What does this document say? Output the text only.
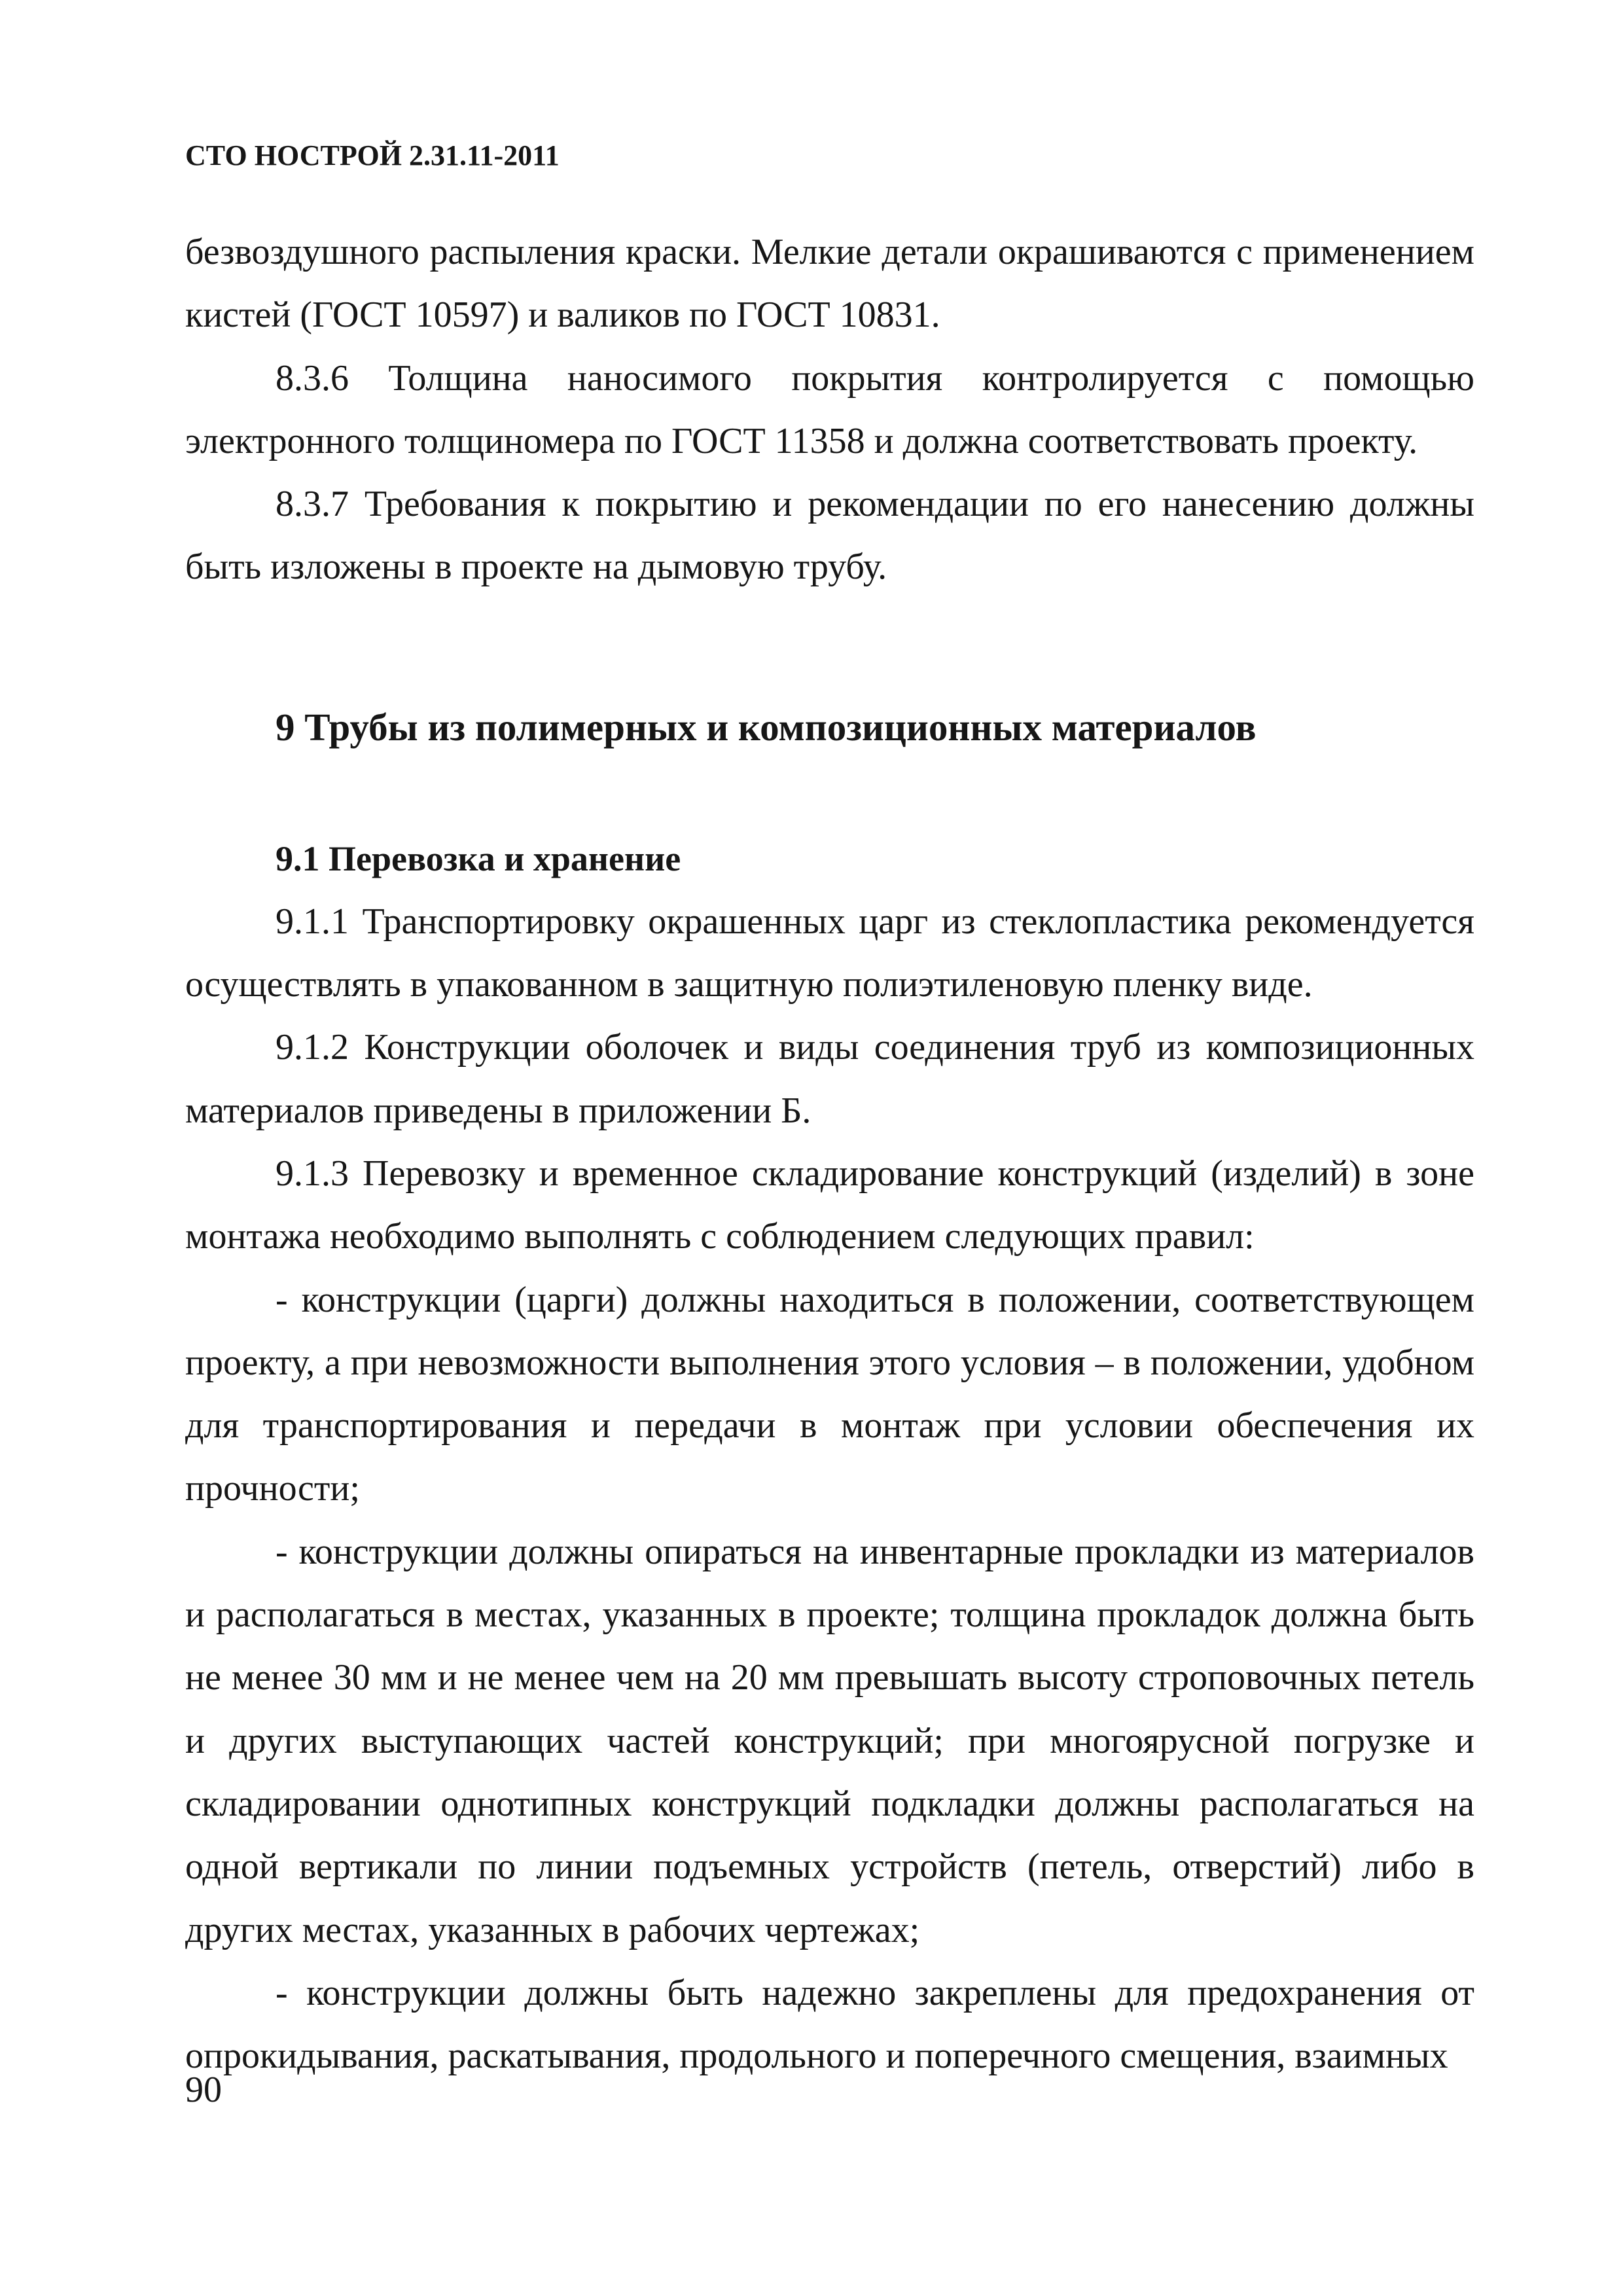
СТО НОСТРОЙ 2.31.11-2011

безвоздушного распыления краски. Мелкие детали окрашиваются с применением кистей (ГОСТ 10597) и валиков по ГОСТ 10831.

8.3.6 Толщина наносимого покрытия контролируется с помощью электронного толщиномера по ГОСТ 11358 и должна соответствовать проекту.

8.3.7 Требования к покрытию и рекомендации по его нанесению должны быть изложены в проекте на дымовую трубу.

9 Трубы из полимерных и композиционных материалов
9.1 Перевозка и хранение

9.1.1 Транспортировку окрашенных царг из стеклопластика рекомендуется осуществлять в упакованном в защитную полиэтиленовую пленку виде.

9.1.2 Конструкции оболочек и виды соединения труб из композиционных материалов приведены в приложении Б.

9.1.3 Перевозку и временное складирование конструкций (изделий) в зоне монтажа необходимо выполнять с соблюдением следующих правил:

- конструкции (царги) должны находиться в положении, соответствующем проекту, а при невозможности выполнения этого условия – в положении, удобном для транспортирования и передачи в монтаж при условии обеспечения их прочности;

- конструкции должны опираться на инвентарные прокладки из материалов и располагаться в местах, указанных в проекте; толщина прокладок должна быть не менее 30 мм и не менее чем на 20 мм превышать высоту строповочных петель и других выступающих частей конструкций; при многоярусной погрузке и складировании однотипных конструкций подкладки должны располагаться на одной вертикали по линии подъемных устройств (петель, отверстий) либо в других местах, указанных в рабочих чертежах;

- конструкции должны быть надежно закреплены для предохранения от опрокидывания, раскатывания, продольного и поперечного смещения, взаимных

90
